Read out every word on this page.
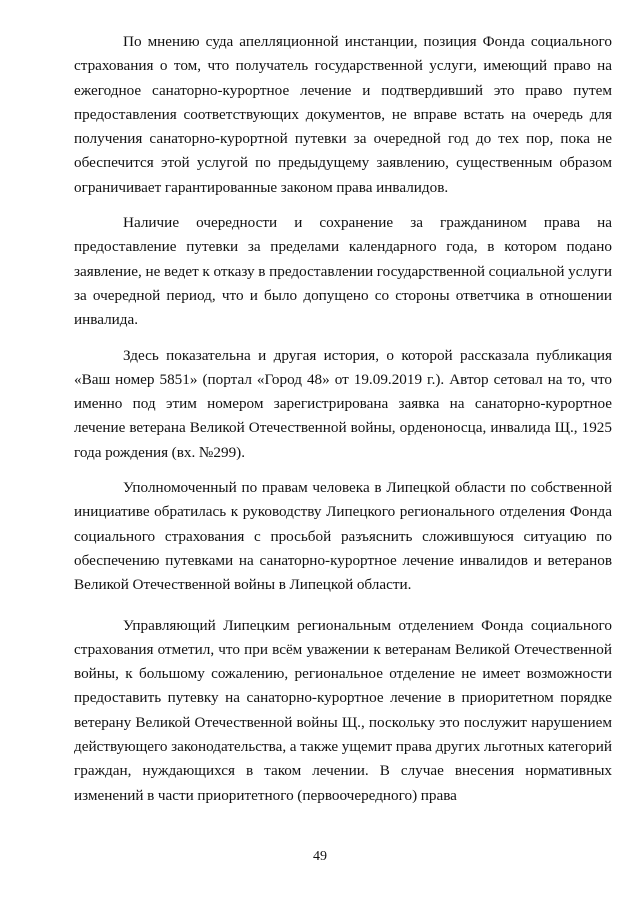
По мнению суда апелляционной инстанции, позиция Фонда социального страхования о том, что получатель государственной услуги, имеющий право на ежегодное санаторно-курортное лечение и подтвердивший это право путем предоставления соответствующих документов, не вправе встать на очередь для получения санаторно-курортной путевки за очередной год до тех пор, пока не обеспечится этой услугой по предыдущему заявлению, существенным образом ограничивает гарантированные законом права инвалидов.

Наличие очередности и сохранение за гражданином права на предоставление путевки за пределами календарного года, в котором подано заявление, не ведет к отказу в предоставлении государственной социальной услуги за очередной период, что и было допущено со стороны ответчика в отношении инвалида.

Здесь показательна и другая история, о которой рассказала публикация «Ваш номер 5851» (портал «Город 48» от 19.09.2019 г.). Автор сетовал на то, что именно под этим номером зарегистрирована заявка на санаторно-курортное лечение ветерана Великой Отечественной войны, орденоносца, инвалида Щ., 1925 года рождения (вх. №299).

Уполномоченный по правам человека в Липецкой области по собственной инициативе обратилась к руководству Липецкого регионального отделения Фонда социального страхования с просьбой разъяснить сложившуюся ситуацию по обеспечению путевками на санаторно-курортное лечение инвалидов и ветеранов Великой Отечественной войны в Липецкой области.

Управляющий Липецким региональным отделением Фонда социального страхования отметил, что при всём уважении к ветеранам Великой Отечественной войны, к большому сожалению, региональное отделение не имеет возможности предоставить путевку на санаторно-курортное лечение в приоритетном порядке ветерану Великой Отечественной войны Щ., поскольку это послужит нарушением действующего законодательства, а также ущемит права других льготных категорий граждан, нуждающихся в таком лечении. В случае внесения нормативных изменений в части приоритетного (первоочередного) права

49
